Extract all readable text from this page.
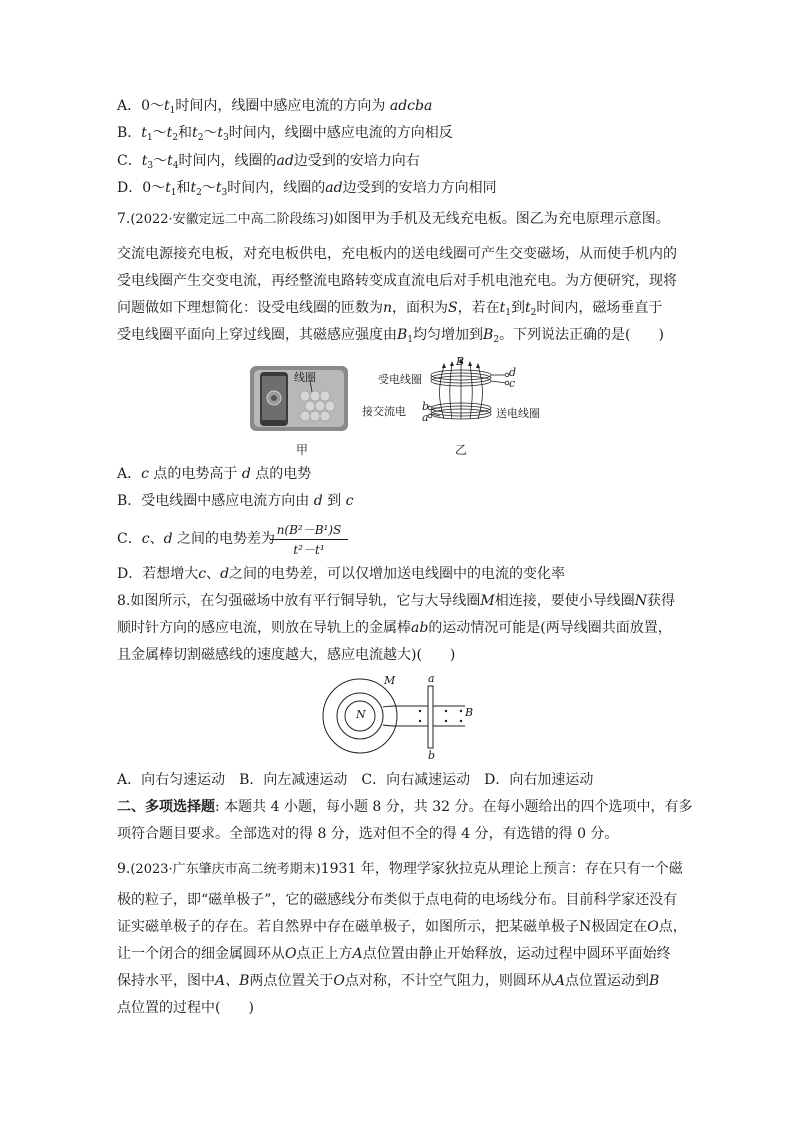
A．$0\sim t_1$时间内，线圈中感应电流的方向为 adcba
B．$t_1\sim t_2$和$t_2\sim t_3$时间内，线圈中感应电流的方向相反
C．$t_3\sim t_4$时间内，线圈的ad边受到的安培力向右
D．$0\sim t_1$和$t_2\sim t_3$时间内，线圈的ad边受到的安培力方向相同
7.(2022·安徽定远二中高二阶段练习)如图甲为手机及无线充电板。图乙为充电原理示意图。
交流电源接充电板，对充电板供电，充电板内的送电线圈可产生交变磁场，从而使手机内的
受电线圈产生交变电流，再经整流电路转变成直流电后对手机电池充电。为方便研究，现将
问题做如下理想简化：设受电线圈的匝数为n，面积为S，若在$t_1$到$t_2$时间内，磁场垂直于
受电线圈平面向上穿过线圈，其磁感应强度由$B_1$均匀增加到$B_2$。下列说法正确的是(　　)
线圈
甲
B
d
c
b
a
受电线圈
接交流电	送电线圈
乙
A．c 点的电势高于 d 点的电势
B．受电线圈中感应电流方向由 d 到 c
C．c、d 之间的电势差为
$\frac{\text{n(B²－B¹)S}}{\text{t²－t¹}}$
D．若想增大c、d之间的电势差，可以仅增加送电线圈中的电流的变化率
8.如图所示，在匀强磁场中放有平行铜导轨，它与大导线圈M相连接，要使小导线圈N获得
顺时针方向的感应电流，则放在导轨上的金属棒ab的运动情况可能是(两导线圈共面放置，
且金属棒切割磁感线的速度越大，感应电流越大)(　　)
M
N
a
b
B
A．向右匀速运动　B．向左减速运动　C．向右减速运动　D．向右加速运动
二、多项选择题: 本题共 4 小题，每小题 8 分，共 32 分。在每小题给出的四个选项中，有多
项符合题目要求。全部选对的得 8 分，选对但不全的得 4 分，有选错的得 0 分。
9.(2023·广东肇庆市高二统考期末)1931 年，物理学家狄拉克从理论上预言：存在只有一个磁
极的粒子，即“磁单极子”，它的磁感线分布类似于点电荷的电场线分布。目前科学家还没有
证实磁单极子的存在。若自然界中存在磁单极子，如图所示，把某磁单极子N极固定在O点，
让一个闭合的细金属圆环从O点正上方A点位置由静止开始释放，运动过程中圆环平面始终
保持水平，图中A、B两点位置关于O点对称，不计空气阻力，则圆环从A点位置运动到B
点位置的过程中(　　)
